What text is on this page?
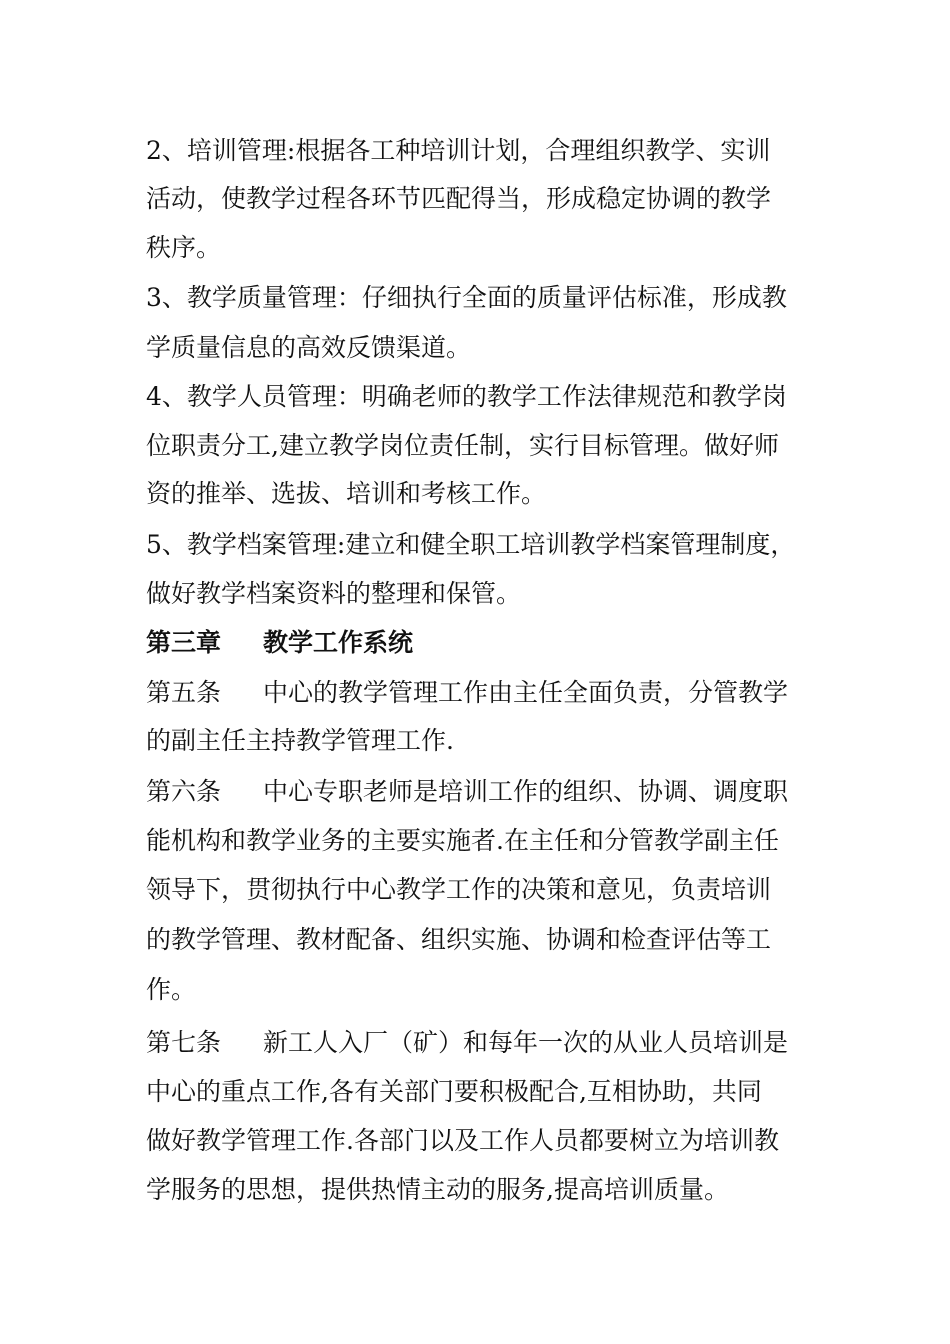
2、培训管理:根据各工种培训计划，合理组织教学、实训
活动，使教学过程各环节匹配得当，形成稳定协调的教学
秩序。
3、教学质量管理：仔细执行全面的质量评估标准，形成教
学质量信息的高效反馈渠道。
4、教学人员管理：明确老师的教学工作法律规范和教学岗
位职责分工,建立教学岗位责任制，实行目标管理。做好师
资的推举、选拔、培训和考核工作。
5、教学档案管理:建立和健全职工培训教学档案管理制度，
做好教学档案资料的整理和保管。
第三章 教学工作系统
第五条 中心的教学管理工作由主任全面负责，分管教学
的副主任主持教学管理工作.
第六条 中心专职老师是培训工作的组织、协调、调度职
能机构和教学业务的主要实施者.在主任和分管教学副主任
领导下，贯彻执行中心教学工作的决策和意见，负责培训
的教学管理、教材配备、组织实施、协调和检查评估等工
作。
第七条 新工人入厂（矿）和每年一次的从业人员培训是
中心的重点工作,各有关部门要积极配合,互相协助，共同
做好教学管理工作.各部门以及工作人员都要树立为培训教
学服务的思想，提供热情主动的服务,提高培训质量。
